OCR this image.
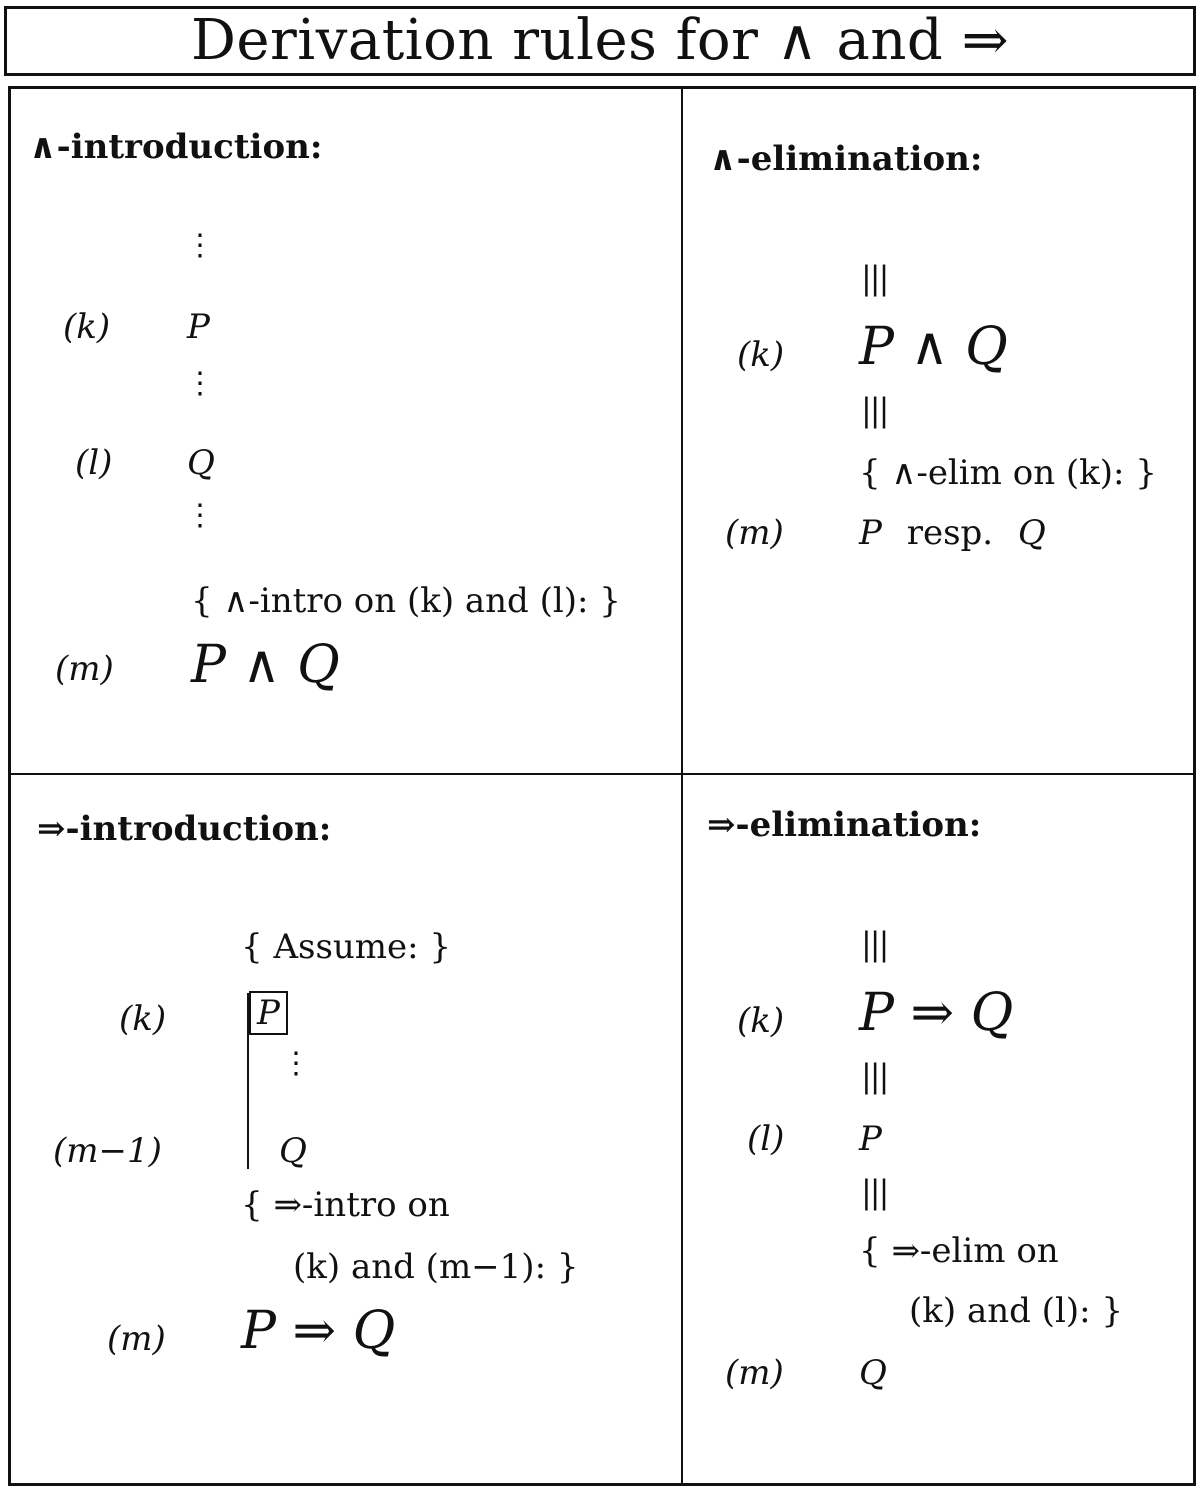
Derivation rules for ∧ and ⇒
∧-introduction:
⋮
(k) P
⋮
(l) Q
⋮
{ ∧-intro on (k) and (l): }
(m) P ∧ Q
∧-elimination:
|||
(k) P ∧ Q
|||
{ ∧-elim on (k): }
(m) P resp. Q
⇒-introduction:
{ Assume: }
(k)	P
⋮
(m−1)	Q
{ ⇒-intro on
(k) and (m−1): }
(m) P ⇒ Q
⇒-elimination:
|||
(k) P ⇒ Q
|||
(l) P
|||
{ ⇒-elim on
(k) and (l): }
(m) Q
